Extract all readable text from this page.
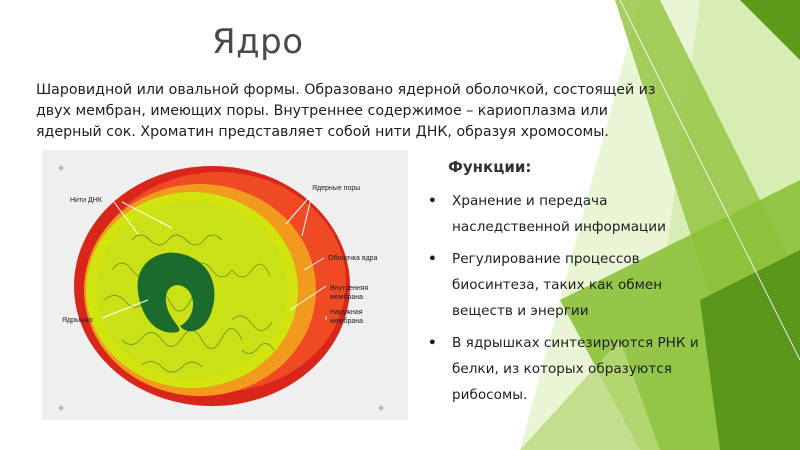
Ядро

Шаровидной или овальной формы. Образовано ядерной оболочкой, состоящей из двух мембран, имеющих поры. Внутреннее содержимое – кариоплазма или ядерный сок. Хроматин представляет собой нити ДНК, образуя хромосомы.

Нити ДНК
Ядерные поры
Оболочка ядра
Внутренняя
мембрана
Наружная
мембрана
Ядрышко
Функции:
• Хранение и передача наследственной информации
• Регулирование процессов биосинтеза, таких как обмен веществ и энергии
• В ядрышках синтезируются РНК и белки, из которых образуются рибосомы.
